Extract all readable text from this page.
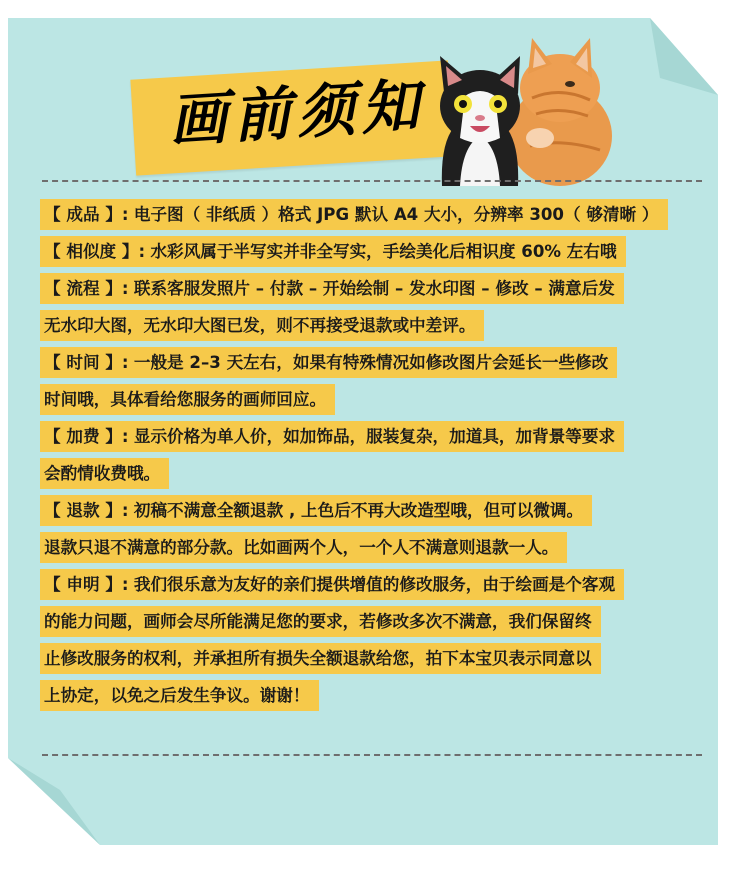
画前须知
【 成品 】: 电子图（ 非纸质 ）格式 JPG 默认 A4 大小，分辨率 300（ 够清晰 ）
【 相似度 】: 水彩风属于半写实并非全写实，手绘美化后相识度 60% 左右哦
【 流程 】: 联系客服发照片 – 付款 – 开始绘制 – 发水印图 – 修改 – 满意后发
无水印大图，无水印大图已发，则不再接受退款或中差评。
【 时间 】: 一般是 2–3 天左右，如果有特殊情况如修改图片会延长一些修改
时间哦，具体看给您服务的画师回应。
【 加费 】: 显示价格为单人价，如加饰品，服装复杂，加道具，加背景等要求
会酌情收费哦。
【 退款 】: 初稿不满意全额退款 , 上色后不再大改造型哦，但可以微调。
退款只退不满意的部分款。比如画两个人，一个人不满意则退款一人。
【 申明 】: 我们很乐意为友好的亲们提供增值的修改服务，由于绘画是个客观
的能力问题，画师会尽所能满足您的要求，若修改多次不满意，我们保留终
止修改服务的权利，并承担所有损失全额退款给您，拍下本宝贝表示同意以
上协定，以免之后发生争议。谢谢！
